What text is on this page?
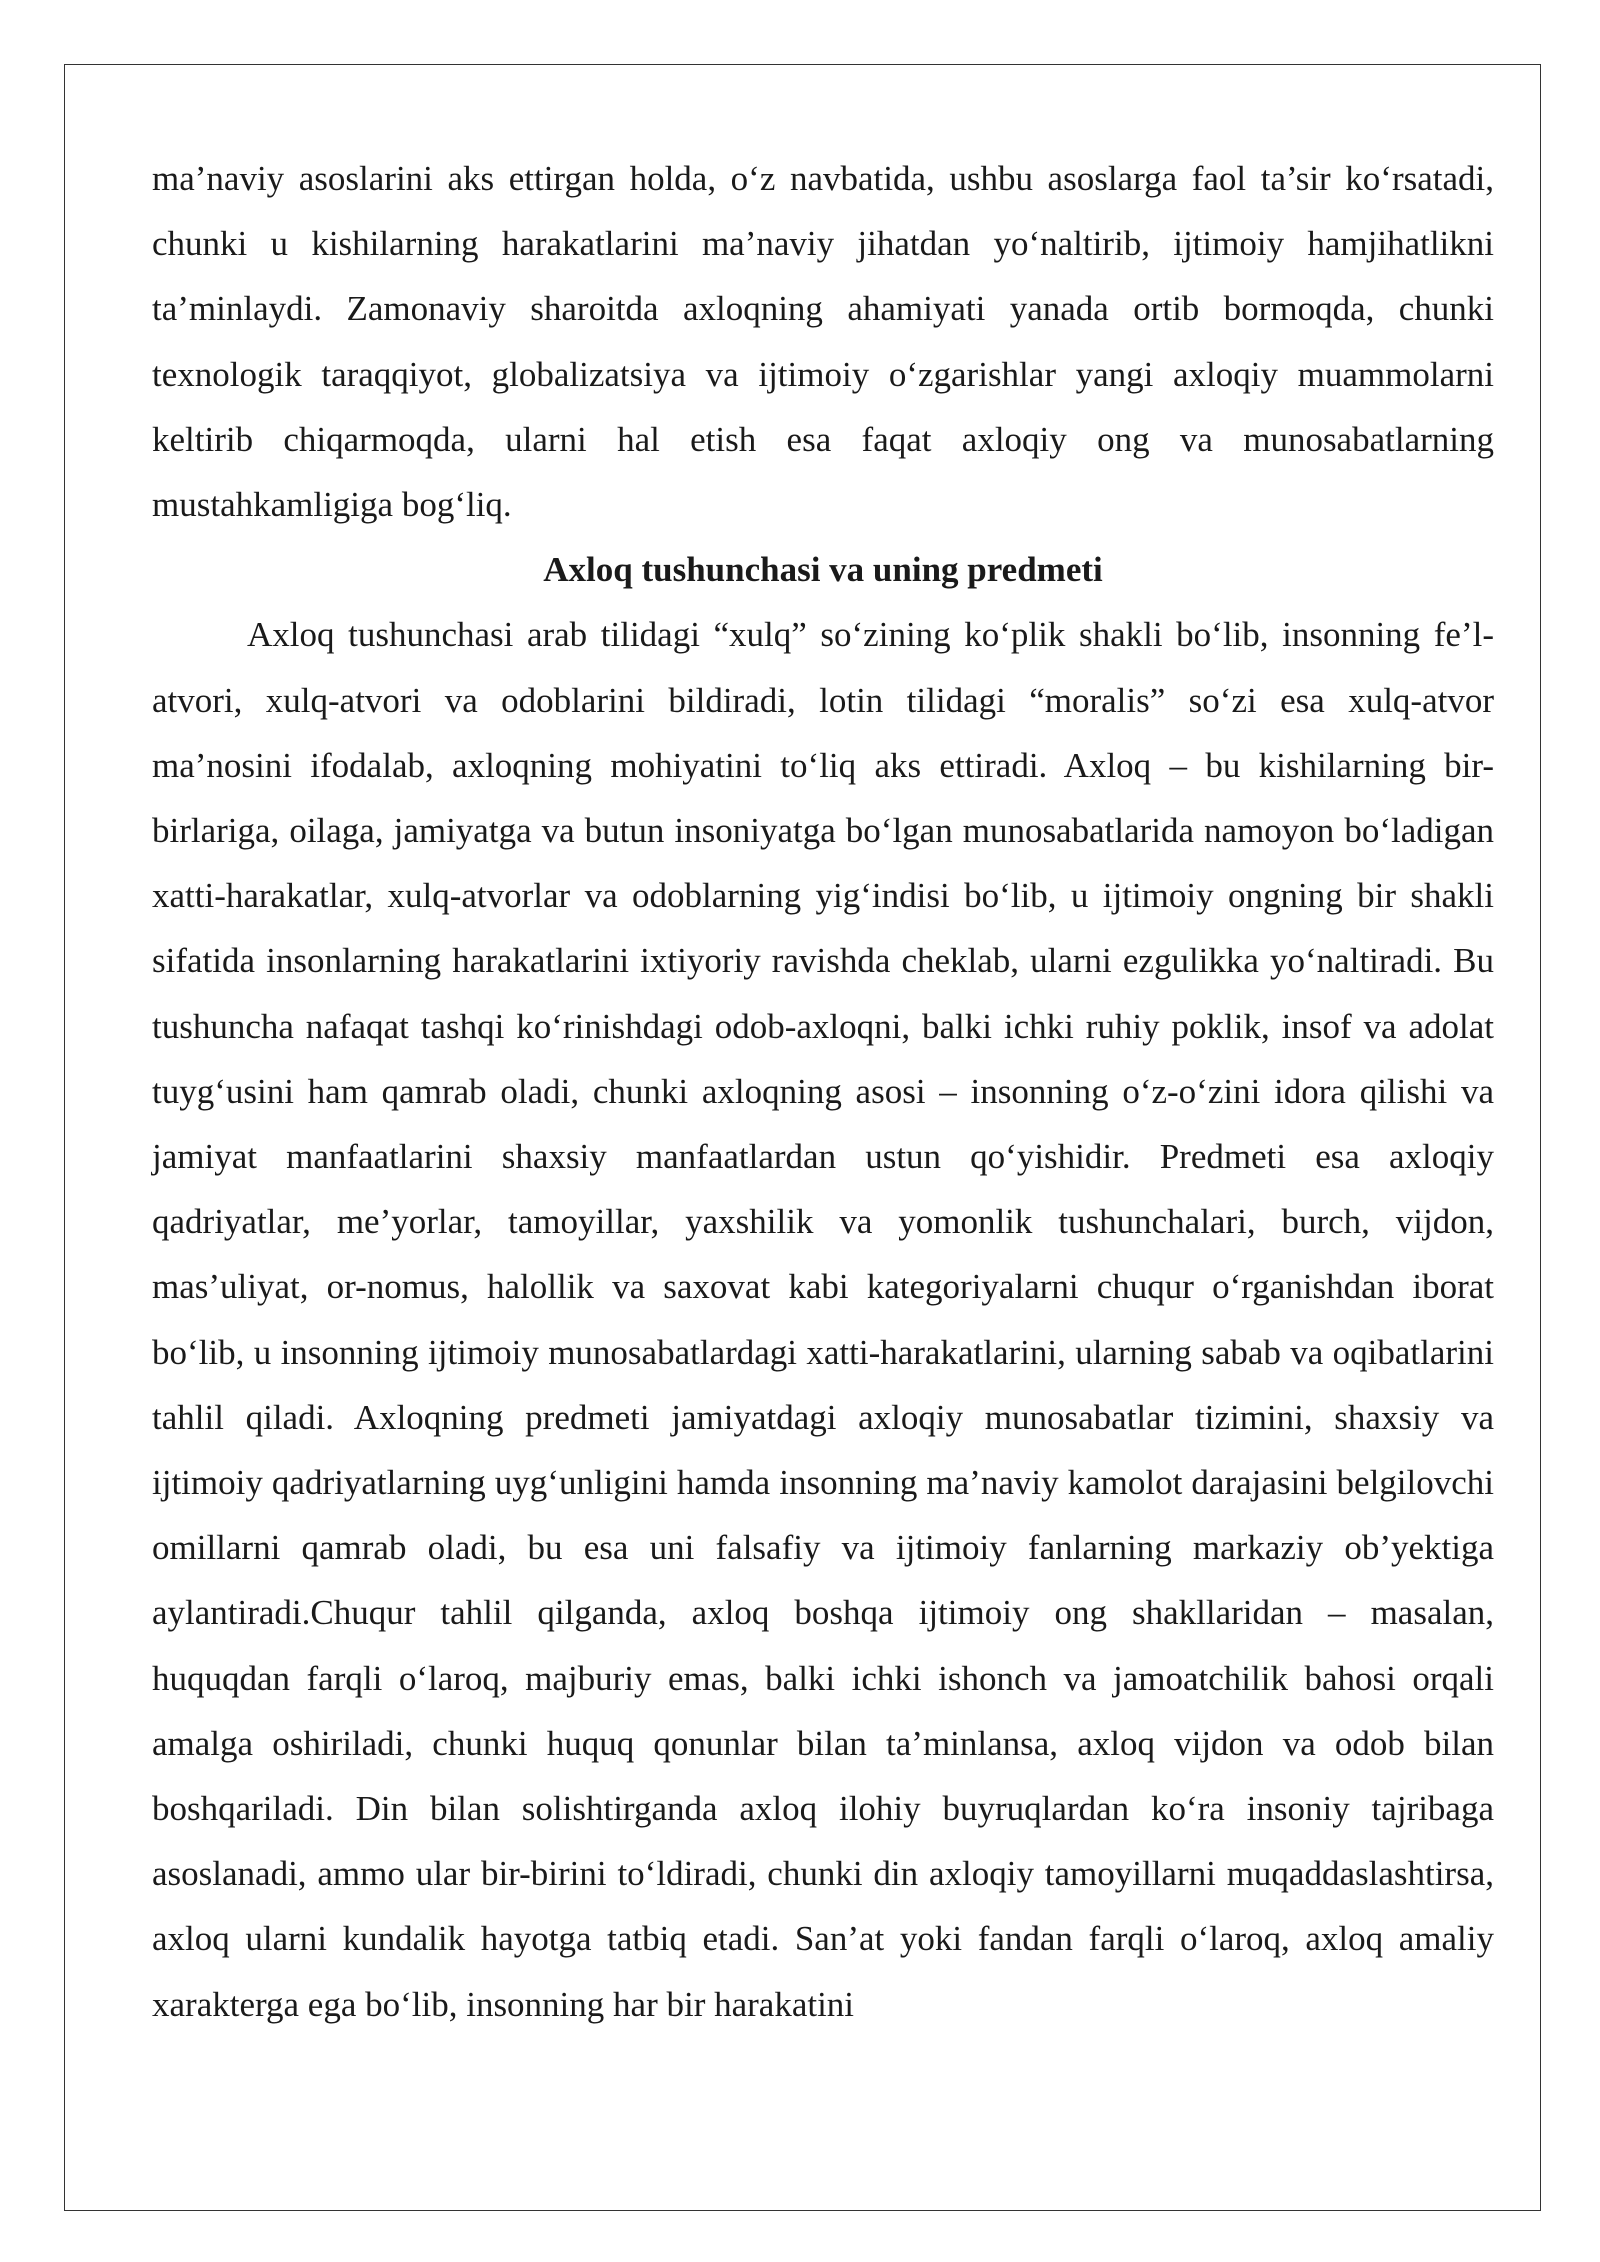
ma’naviy asoslarini aks ettirgan holda, o‘z navbatida, ushbu asoslarga faol ta’sir ko‘rsatadi, chunki u kishilarning harakatlarini ma’naviy jihatdan yo‘naltirib, ijtimoiy hamjihatlikni ta’minlaydi. Zamonaviy sharoitda axloqning ahamiyati yanada ortib bormoqda, chunki texnologik taraqqiyot, globalizatsiya va ijtimoiy o‘zgarishlar yangi axloqiy muammolarni keltirib chiqarmoqda, ularni hal etish esa faqat axloqiy ong va munosabatlarning mustahkamligiga bog‘liq.

Axloq tushunchasi va uning predmeti

Axloq tushunchasi arab tilidagi “xulq” so‘zining ko‘plik shakli bo‘lib, insonning fe’l-atvori, xulq-atvori va odoblarini bildiradi, lotin tilidagi “moralis” so‘zi esa xulq-atvor ma’nosini ifodalab, axloqning mohiyatini to‘liq aks ettiradi. Axloq – bu kishilarning bir-birlariga, oilaga, jamiyatga va butun insoniyatga bo‘lgan munosabatlarida namoyon bo‘ladigan xatti-harakatlar, xulq-atvorlar va odoblarning yig‘indisi bo‘lib, u ijtimoiy ongning bir shakli sifatida insonlarning harakatlarini ixtiyoriy ravishda cheklab, ularni ezgulikka yo‘naltiradi. Bu tushuncha nafaqat tashqi ko‘rinishdagi odob-axloqni, balki ichki ruhiy poklik, insof va adolat tuyg‘usini ham qamrab oladi, chunki axloqning asosi – insonning o‘z-o‘zini idora qilishi va jamiyat manfaatlarini shaxsiy manfaatlardan ustun qo‘yishidir. Predmeti esa axloqiy qadriyatlar, me’yorlar, tamoyillar, yaxshilik va yomonlik tushunchalari, burch, vijdon, mas’uliyat, or-nomus, halollik va saxovat kabi kategoriyalarni chuqur o‘rganishdan iborat bo‘lib, u insonning ijtimoiy munosabatlardagi xatti-harakatlarini, ularning sabab va oqibatlarini tahlil qiladi. Axloqning predmeti jamiyatdagi axloqiy munosabatlar tizimini, shaxsiy va ijtimoiy qadriyatlarning uyg‘unligini hamda insonning ma’naviy kamolot darajasini belgilovchi omillarni qamrab oladi, bu esa uni falsafiy va ijtimoiy fanlarning markaziy ob’yektiga aylantiradi.Chuqur tahlil qilganda, axloq boshqa ijtimoiy ong shakllaridan – masalan, huquqdan farqli o‘laroq, majburiy emas, balki ichki ishonch va jamoatchilik bahosi orqali amalga oshiriladi, chunki huquq qonunlar bilan ta’minlansa, axloq vijdon va odob bilan boshqariladi. Din bilan solishtirganda axloq ilohiy buyruqlardan ko‘ra insoniy tajribaga asoslanadi, ammo ular bir-birini to‘ldiradi, chunki din axloqiy tamoyillarni muqaddaslashtirsa, axloq ularni kundalik hayotga tatbiq etadi. San’at yoki fandan farqli o‘laroq, axloq amaliy xarakterga ega bo‘lib, insonning har bir harakatini
